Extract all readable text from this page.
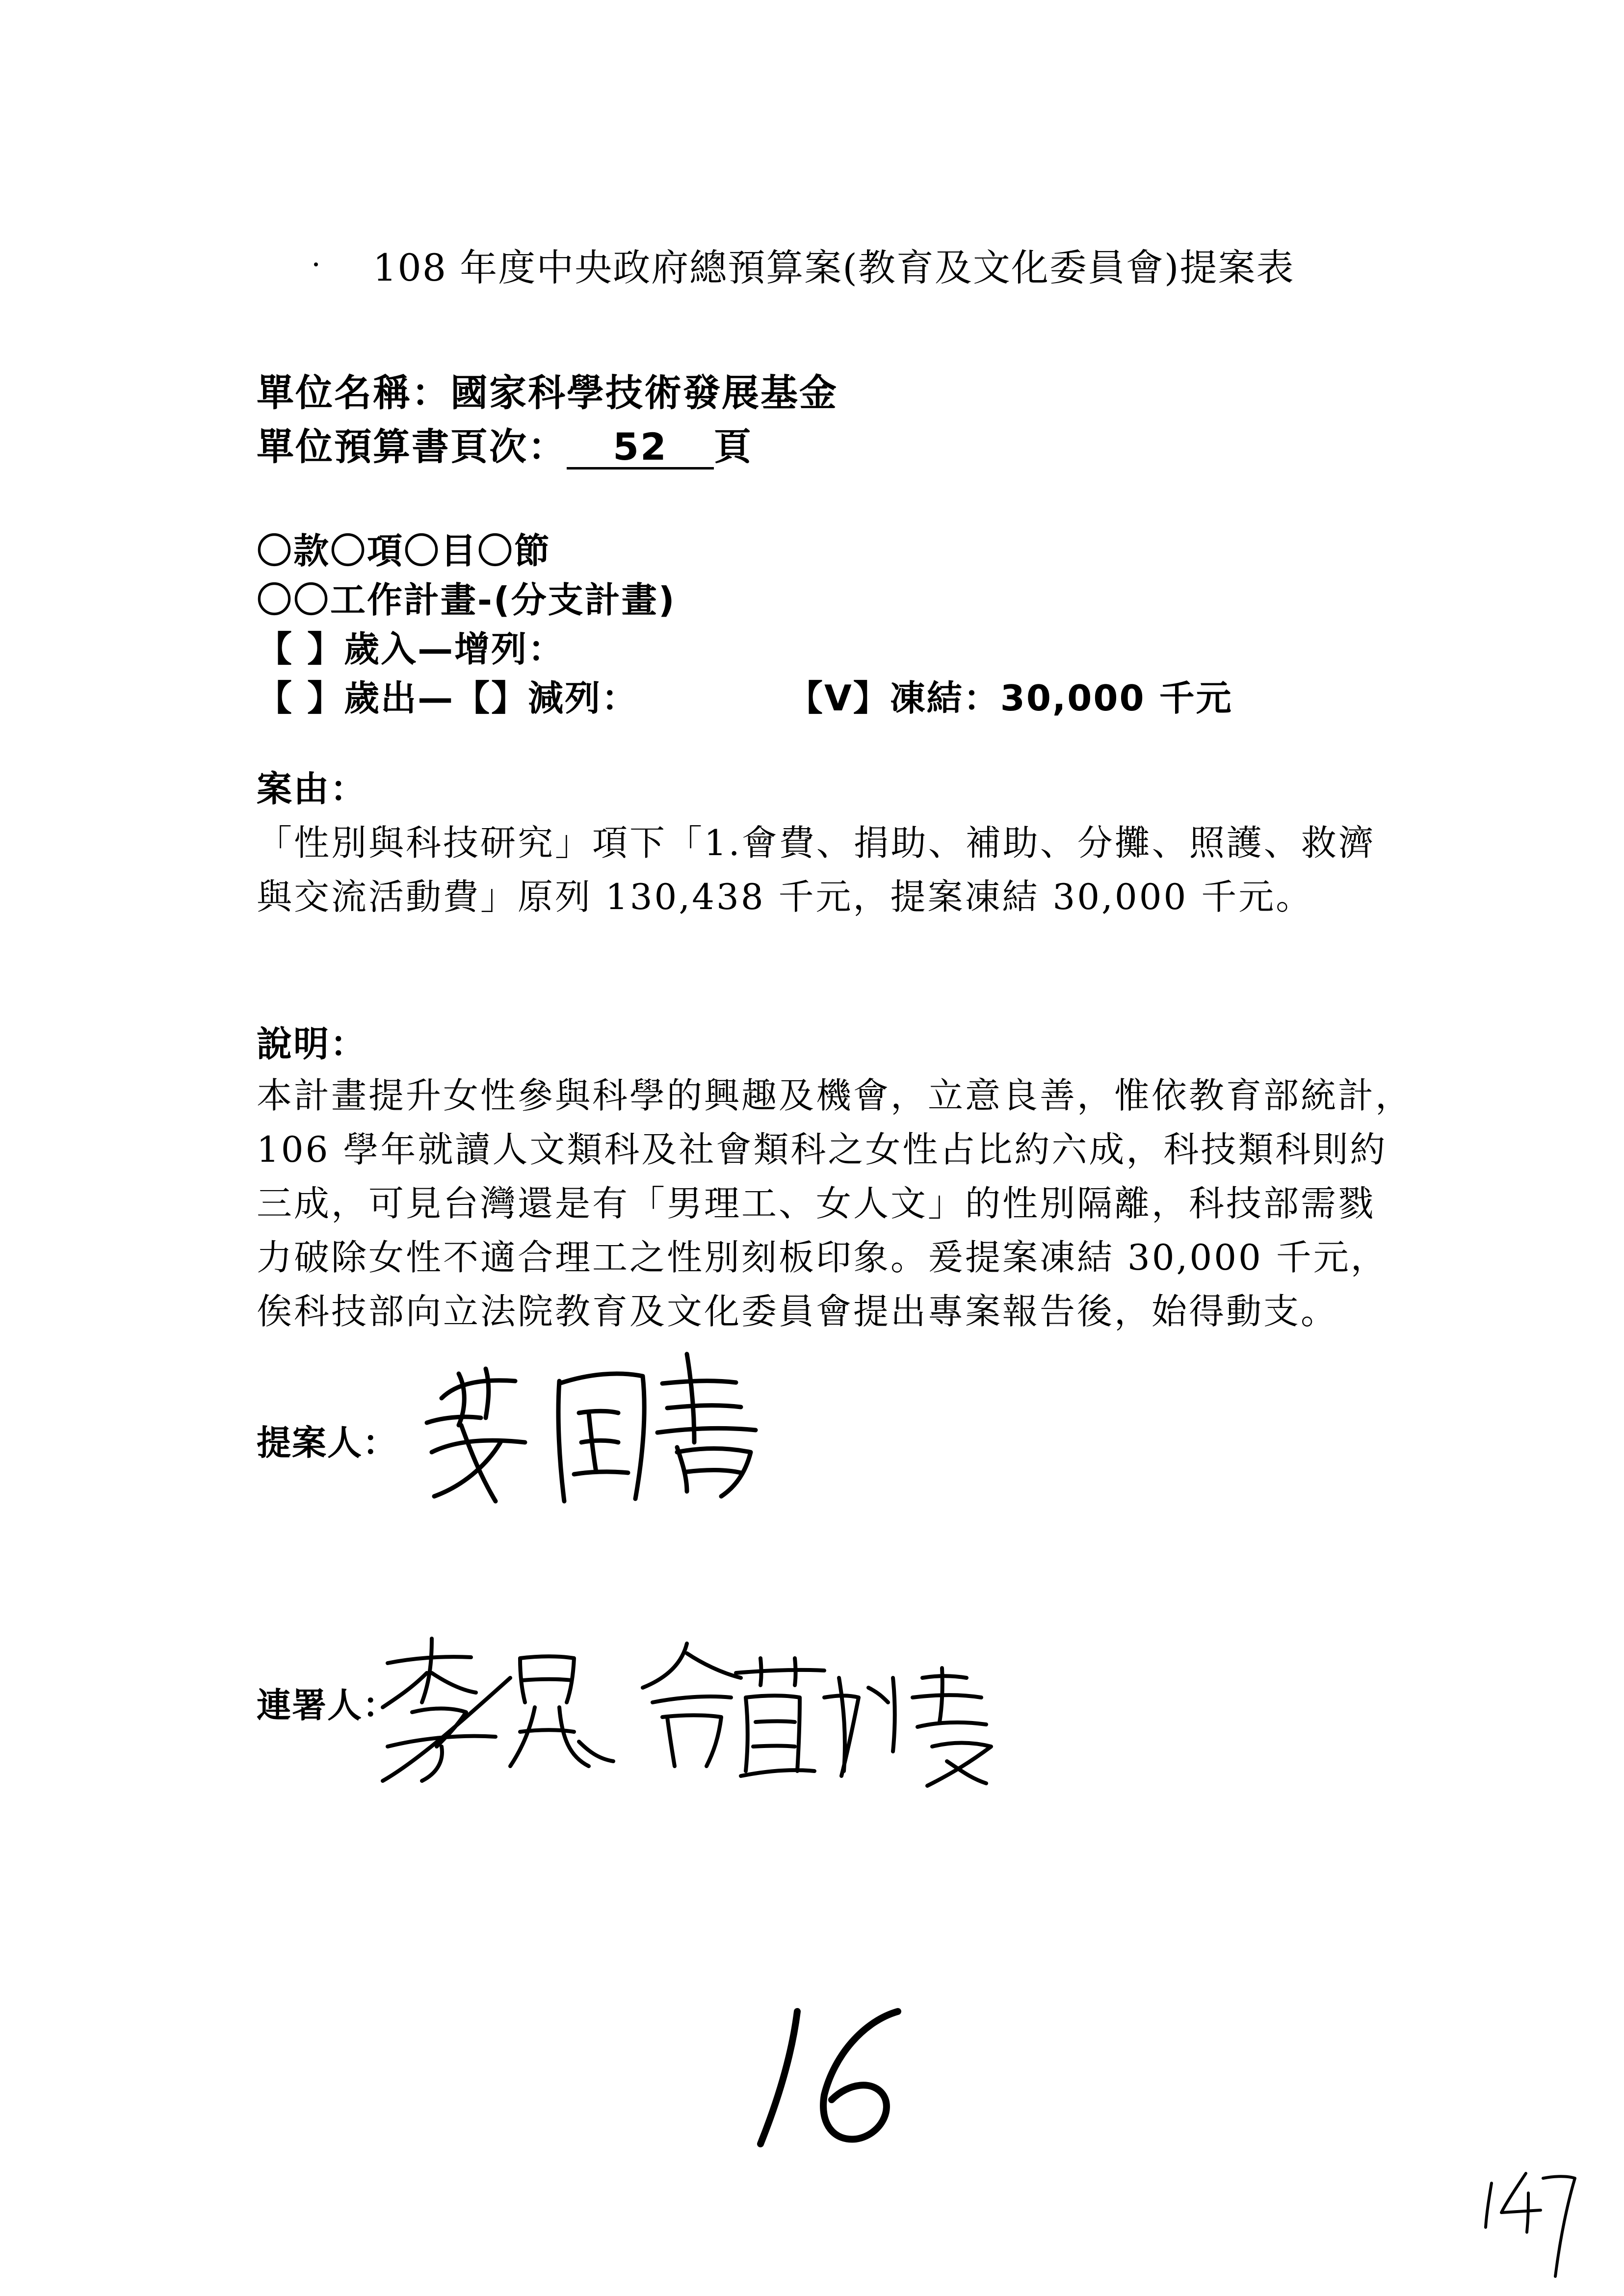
108 年度中央政府總預算案(教育及文化委員會)提案表
單位名稱：國家科學技術發展基金
單位預算書頁次： 52 頁
〇款〇項〇目〇節
〇〇工作計畫-(分支計畫)
【 】歲入—增列：
【 】歲出—【】減列：	【V】凍結：30,000 千元
案由：
「性別與科技研究」項下「1.會費、捐助、補助、分攤、照護、救濟
與交流活動費」原列 130,438 千元，提案凍結 30,000 千元。
說明：
本計畫提升女性參與科學的興趣及機會，立意良善，惟依教育部統計，
106 學年就讀人文類科及社會類科之女性占比約六成，科技類科則約
三成，可見台灣還是有「男理工、女人文」的性別隔離，科技部需戮
力破除女性不適合理工之性別刻板印象。爰提案凍結 30,000 千元，
俟科技部向立法院教育及文化委員會提出專案報告後，始得動支。
提案人：
連署人：
